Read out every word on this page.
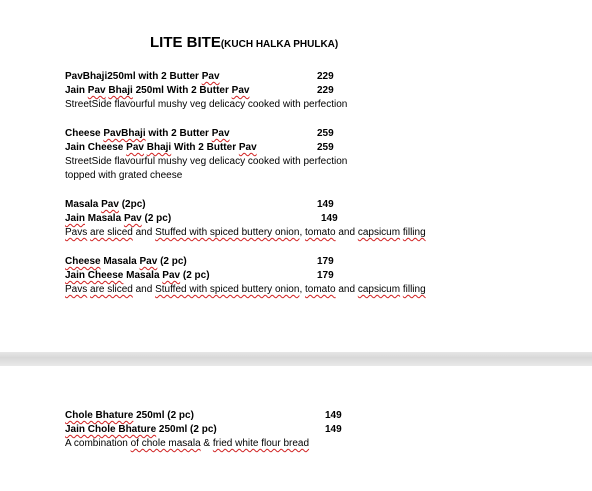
LITE BITE(KUCH HALKA PHULKA)
PavBhaji250ml with 2 Butter Pav	229
Jain Pav Bhaji 250ml With 2 Butter Pav	229
StreetSide flavourful mushy veg delicacy cooked with perfection
Cheese PavBhaji with 2 Butter Pav	259
Jain Cheese Pav Bhaji With 2 Butter Pav	259
StreetSide flavourful mushy veg delicacy cooked with perfection
topped with grated cheese
Masala Pav (2pc)	149
Jain Masala Pav (2 pc)	149
Pavs are sliced and Stuffed with spiced buttery onion, tomato and capsicum filling
Cheese Masala Pav (2 pc)	179
Jain Cheese Masala Pav (2 pc)	179
Pavs are sliced and Stuffed with spiced buttery onion, tomato and capsicum filling
Chole Bhature 250ml (2 pc)	149
Jain Chole Bhature 250ml (2 pc)	149
A combination of chole masala & fried white flour bread
